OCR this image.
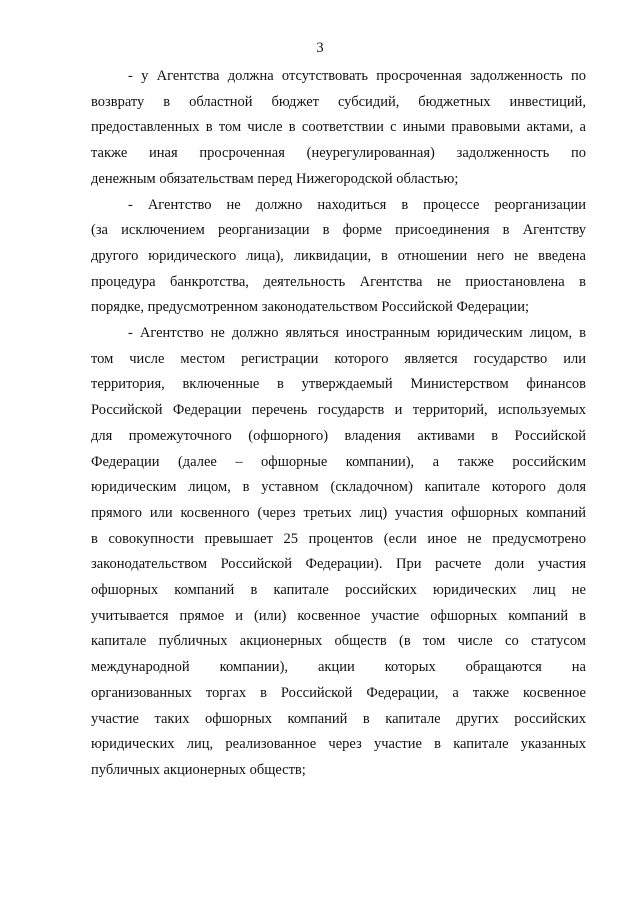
3
- у Агентства должна отсутствовать просроченная задолженность по
возврату в областной бюджет субсидий, бюджетных инвестиций,
предоставленных в том числе в соответствии с иными правовыми актами, а
также иная просроченная (неурегулированная) задолженность по
денежным обязательствам перед Нижегородской областью;
- Агентство не должно находиться в процессе реорганизации
(за исключением реорганизации в форме присоединения в Агентству
другого юридического лица), ликвидации, в отношении него не введена
процедура банкротства, деятельность Агентства не приостановлена в
порядке, предусмотренном законодательством Российской Федерации;
- Агентство не должно являться иностранным юридическим лицом, в
том числе местом регистрации которого является государство или
территория, включенные в утверждаемый Министерством финансов
Российской Федерации перечень государств и территорий, используемых
для промежуточного (офшорного) владения активами в Российской
Федерации (далее – офшорные компании), а также российским
юридическим лицом, в уставном (складочном) капитале которого доля
прямого или косвенного (через третьих лиц) участия офшорных компаний
в совокупности превышает 25 процентов (если иное не предусмотрено
законодательством Российской Федерации). При расчете доли участия
офшорных компаний в капитале российских юридических лиц не
учитывается прямое и (или) косвенное участие офшорных компаний в
капитале публичных акционерных обществ (в том числе со статусом
международной компании), акции которых обращаются на
организованных торгах в Российской Федерации, а также косвенное
участие таких офшорных компаний в капитале других российских
юридических лиц, реализованное через участие в капитале указанных
публичных акционерных обществ;
